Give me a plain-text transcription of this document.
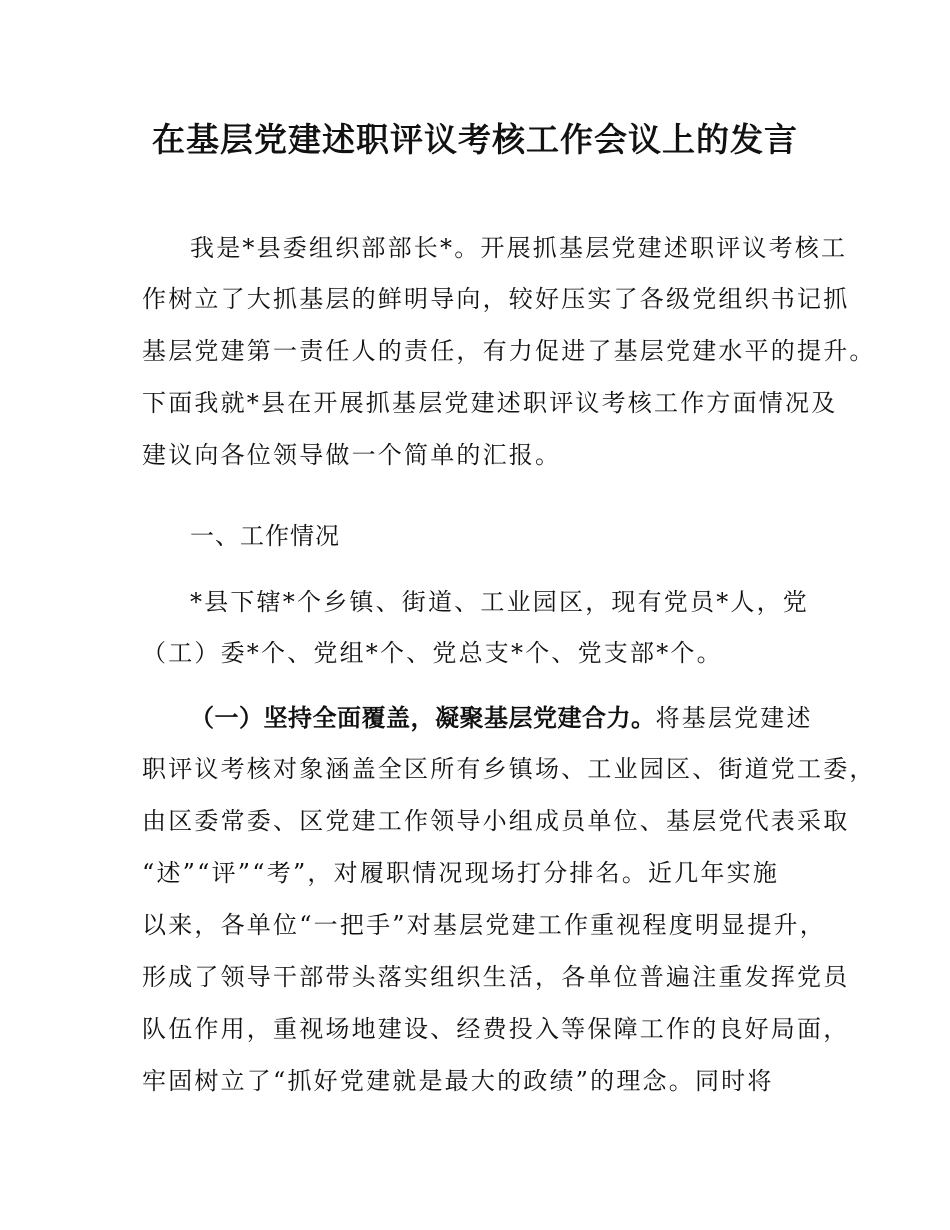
在基层党建述职评议考核工作会议上的发言

我是*县委组织部部长*。开展抓基层党建述职评议考核工

作树立了大抓基层的鲜明导向，较好压实了各级党组织书记抓

基层党建第一责任人的责任，有力促进了基层党建水平的提升。

下面我就*县在开展抓基层党建述职评议考核工作方面情况及

建议向各位领导做一个简单的汇报。

一、工作情况

*县下辖*个乡镇、街道、工业园区，现有党员*人，党

（工）委*个、党组*个、党总支*个、党支部*个。

（一）坚持全面覆盖，凝聚基层党建合力。将基层党建述

职评议考核对象涵盖全区所有乡镇场、工业园区、街道党工委，

由区委常委、区党建工作领导小组成员单位、基层党代表采取

“述”“评”“考”，对履职情况现场打分排名。近几年实施

以来，各单位“一把手”对基层党建工作重视程度明显提升，

形成了领导干部带头落实组织生活，各单位普遍注重发挥党员

队伍作用，重视场地建设、经费投入等保障工作的良好局面，

牢固树立了“抓好党建就是最大的政绩”的理念。同时将
